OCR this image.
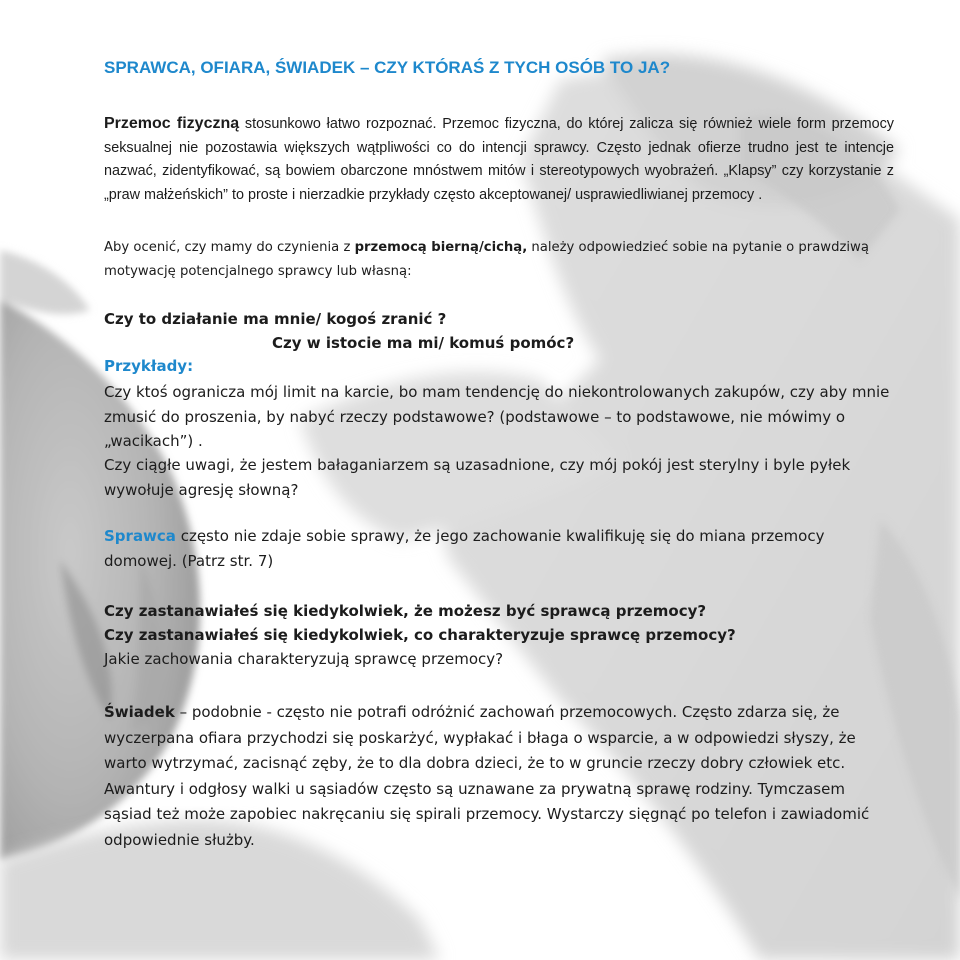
SPRAWCA, OFIARA, ŚWIADEK – CZY KTÓRAŚ Z TYCH OSÓB TO JA?

Przemoc fizyczną stosunkowo łatwo rozpoznać. Przemoc fizyczna, do której zalicza się również wiele form przemocy seksualnej nie pozostawia większych wątpliwości co do intencji sprawcy. Często jednak ofierze trudno jest te intencje nazwać, zidentyfikować, są bowiem obarczone mnóstwem mitów i stereotypowych wyobrażeń. „Klapsy” czy korzystanie z „praw małżeńskich” to proste i nierzadkie przykłady często akceptowanej/ usprawiedliwianej przemocy .

Aby ocenić, czy mamy do czynienia z przemocą bierną/cichą, należy odpowiedzieć sobie na pytanie o prawdziwą motywację potencjalnego sprawcy lub własną:

Czy to działanie ma mnie/ kogoś zranić ?
Czy w istocie ma mi/ komuś pomóc?
Przykłady:
Czy ktoś ogranicza mój limit na karcie, bo mam tendencję do niekontrolowanych zakupów, czy aby mnie zmusić do proszenia, by nabyć rzeczy podstawowe? (podstawowe – to podstawowe, nie mówimy o „wacikach”) .
Czy ciągłe uwagi, że jestem bałaganiarzem są uzasadnione, czy mój pokój jest sterylny i byle pyłek wywołuje agresję słowną?
Sprawca często nie zdaje sobie sprawy, że jego zachowanie kwalifikuję się do miana przemocy domowej. (Patrz str. 7)
Czy zastanawiałeś się kiedykolwiek, że możesz być sprawcą przemocy?
Czy zastanawiałeś się kiedykolwiek, co charakteryzuje sprawcę przemocy?
Jakie zachowania charakteryzują sprawcę przemocy?
Świadek – podobnie - często nie potrafi odróżnić zachowań przemocowych. Często zdarza się, że wyczerpana ofiara przychodzi się poskarżyć, wypłakać i błaga o wsparcie, a w odpowiedzi słyszy, że warto wytrzymać, zacisnąć zęby, że to dla dobra dzieci, że to w gruncie rzeczy dobry człowiek etc. Awantury i odgłosy walki u sąsiadów często są uznawane za prywatną sprawę rodziny. Tymczasem sąsiad też może zapobiec nakręcaniu się spirali przemocy. Wystarczy sięgnąć po telefon i zawiadomić odpowiednie służby.
